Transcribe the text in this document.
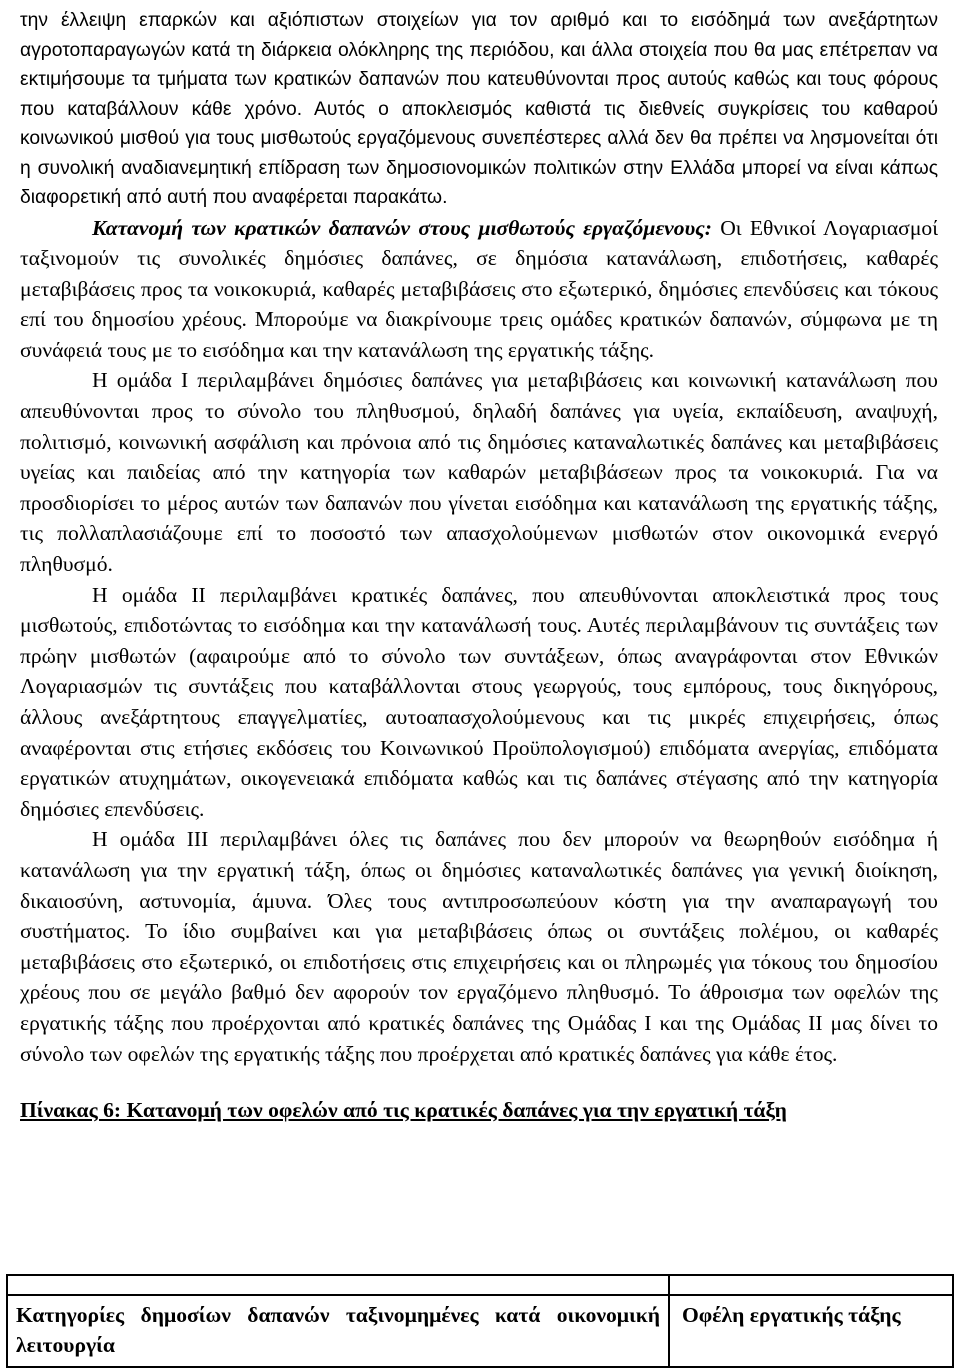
την έλλειψη επαρκών και αξιόπιστων στοιχείων για τον αριθμό και το εισόδημά των ανεξάρτητων αγροτοπαραγωγών κατά τη διάρκεια ολόκληρης της περιόδου, και άλλα στοιχεία που θα μας επέτρεπαν να εκτιμήσουμε τα τμήματα των κρατικών δαπανών που κατευθύνονται προς αυτούς καθώς και τους φόρους που καταβάλλουν κάθε χρόνο. Αυτός ο αποκλεισμός καθιστά τις διεθνείς συγκρίσεις του καθαρού κοινωνικού μισθού για τους μισθωτούς εργαζόμενους συνεπέστερες αλλά δεν θα πρέπει να λησμονείται ότι η συνολική αναδιανεμητική επίδραση των δημοσιονομικών πολιτικών στην Ελλάδα μπορεί να είναι κάπως διαφορετική από αυτή που αναφέρεται παρακάτω.

Κατανομή των κρατικών δαπανών στους μισθωτούς εργαζόμενους: Οι Εθνικοί Λογαριασμοί ταξινομούν τις συνολικές δημόσιες δαπάνες, σε δημόσια κατανάλωση, επιδοτήσεις, καθαρές μεταβιβάσεις προς τα νοικοκυριά, καθαρές μεταβιβάσεις στο εξωτερικό, δημόσιες επενδύσεις και τόκους επί του δημοσίου χρέους. Μπορούμε να διακρίνουμε τρεις ομάδες κρατικών δαπανών, σύμφωνα με τη συνάφειά τους με το εισόδημα και την κατανάλωση της εργατικής τάξης.

Η ομάδα Ι περιλαμβάνει δημόσιες δαπάνες για μεταβιβάσεις και κοινωνική κατανάλωση που απευθύνονται προς το σύνολο του πληθυσμού, δηλαδή δαπάνες για υγεία, εκπαίδευση, αναψυχή, πολιτισμό, κοινωνική ασφάλιση και πρόνοια από τις δημόσιες καταναλωτικές δαπάνες και μεταβιβάσεις υγείας και παιδείας από την κατηγορία των καθαρών μεταβιβάσεων προς τα νοικοκυριά. Για να προσδιορίσει το μέρος αυτών των δαπανών που γίνεται εισόδημα και κατανάλωση της εργατικής τάξης, τις πολλαπλασιάζουμε επί το ποσοστό των απασχολούμενων μισθωτών στον οικονομικά ενεργό πληθυσμό.

Η ομάδα ΙΙ περιλαμβάνει κρατικές δαπάνες, που απευθύνονται αποκλειστικά προς τους μισθωτούς, επιδοτώντας το εισόδημα και την κατανάλωσή τους. Αυτές περιλαμβάνουν τις συντάξεις των πρώην μισθωτών (αφαιρούμε από το σύνολο των συντάξεων, όπως αναγράφονται στον Εθνικών Λογαριασμών τις συντάξεις που καταβάλλονται στους γεωργούς, τους εμπόρους, τους δικηγόρους, άλλους ανεξάρτητους επαγγελματίες, αυτοαπασχολούμενους και τις μικρές επιχειρήσεις, όπως αναφέρονται στις ετήσιες εκδόσεις του Κοινωνικού Προϋπολογισμού) επιδόματα ανεργίας, επιδόματα εργατικών ατυχημάτων, οικογενειακά επιδόματα καθώς και τις δαπάνες στέγασης από την κατηγορία δημόσιες επενδύσεις.

Η ομάδα ΙΙΙ περιλαμβάνει όλες τις δαπάνες που δεν μπορούν να θεωρηθούν εισόδημα ή κατανάλωση για την εργατική τάξη, όπως οι δημόσιες καταναλωτικές δαπάνες για γενική διοίκηση, δικαιοσύνη, αστυνομία, άμυνα. Όλες τους αντιπροσωπεύουν κόστη για την αναπαραγωγή του συστήματος. Το ίδιο συμβαίνει και για μεταβιβάσεις όπως οι συντάξεις πολέμου, οι καθαρές μεταβιβάσεις στο εξωτερικό, οι επιδοτήσεις στις επιχειρήσεις και οι πληρωμές για τόκους του δημοσίου χρέους που σε μεγάλο βαθμό δεν αφορούν τον εργαζόμενο πληθυσμό. Το άθροισμα των οφελών της εργατικής τάξης που προέρχονται από κρατικές δαπάνες της Ομάδας Ι και της Ομάδας ΙΙ μας δίνει το σύνολο των οφελών της εργατικής τάξης που προέρχεται από κρατικές δαπάνες για κάθε έτος.

Πίνακας 6: Κατανομή των οφελών από τις κρατικές δαπάνες για την εργατική τάξη

Κατηγορίες δημοσίων δαπανών ταξινομημένες κατά οικονομική λειτουργία	Οφέλη εργατικής τάξης
